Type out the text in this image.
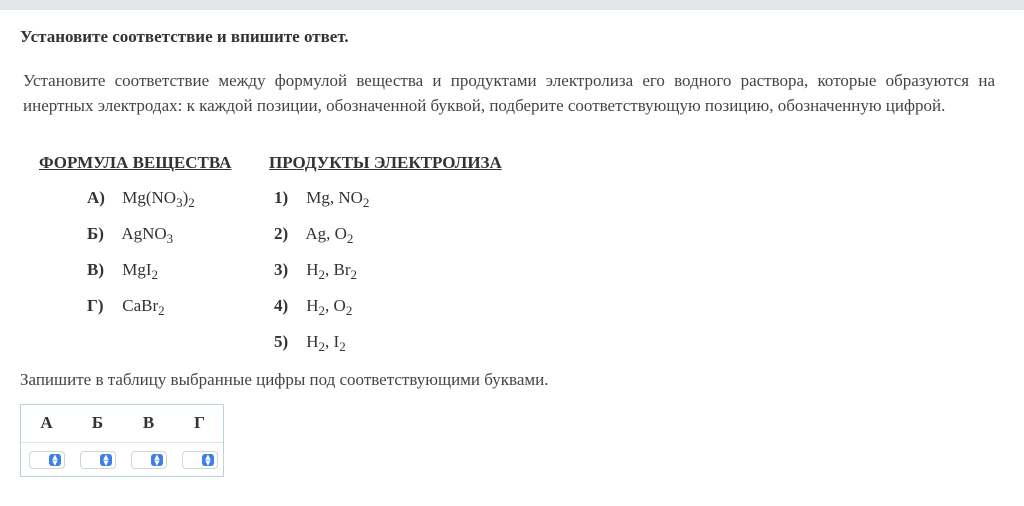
Установите соответствие и впишите ответ.
Установите соответствие между формулой вещества и продуктами электролиза его водного раствора, которые образуются на инертных электродах: к каждой позиции, обозначенной буквой, подберите соответствующую позицию, обозначенную цифрой.
ФОРМУЛА ВЕЩЕСТВА ПРОДУКТЫ ЭЛЕКТРОЛИЗА
А) $Mg(NO_3)_2$
Б) AgNO$_3$
В) MgI$_2$
Г) CaBr$_2$
1) Mg, $NO_2$
2) Ag, $O_2$
3) $H_2$, $Br_2$
4) $H_2$, $O_2$
5) $H_2$, $I_2$
Запишите в таблицу выбранные цифры под соответствующими буквами.
А	Б	В	Г
▲
▼
▲
▼
▲
▼
▲
▼
